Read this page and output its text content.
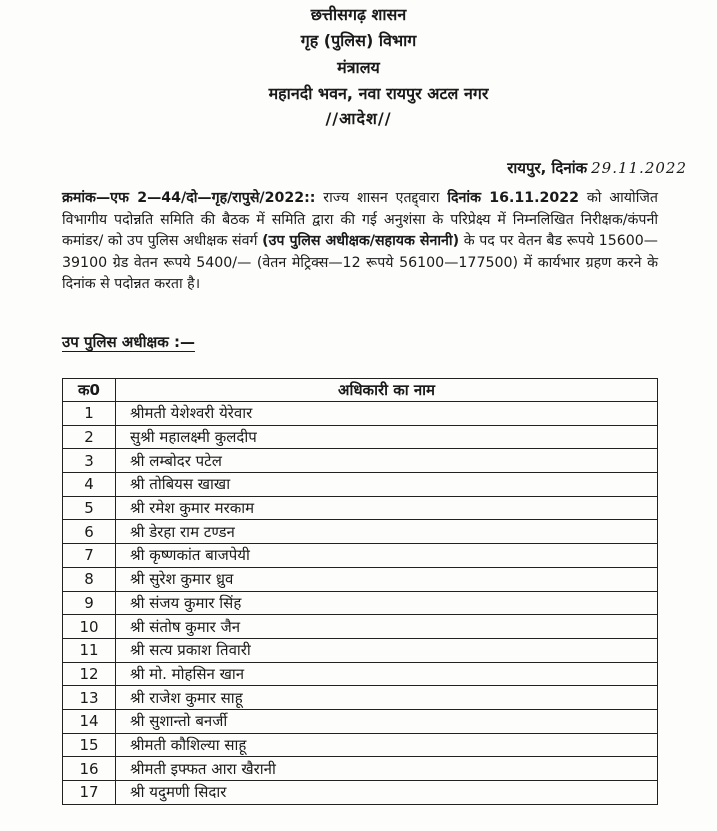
छत्तीसगढ़ शासन
गृह (पुलिस) विभाग
मंत्रालय
महानदी भवन, नवा रायपुर अटल नगर
//आदेश//
रायपुर, दिनांक 29.11.2022
क्रमांक—एफ 2—44/दो—गृह/रापुसे/2022:: राज्य शासन एतद्द्वारा दिनांक 16.11.2022 को आयोजित विभागीय पदोन्नति समिति की बैठक में समिति द्वारा की गई अनुशंसा के परिप्रेक्ष्य में निम्नलिखित निरीक्षक/कंपनी कमांडर/ को उप पुलिस अधीक्षक संवर्ग (उप पुलिस अधीक्षक/सहायक सेनानी) के पद पर वेतन बैड रूपये 15600—39100 ग्रेड वेतन रूपये 5400/— (वेतन मेट्रिक्स—12 रूपये 56100—177500) में कार्यभार ग्रहण करने के दिनांक से पदोन्नत करता है।
उप पुलिस अधीक्षक :—
क0	अधिकारी का नाम
1	श्रीमती येशेश्वरी येरेवार
2	सुश्री महालक्ष्मी कुलदीप
3	श्री लम्बोदर पटेल
4	श्री तोबियस खाखा
5	श्री रमेश कुमार मरकाम
6	श्री डेरहा राम टण्डन
7	श्री कृष्णकांत बाजपेयी
8	श्री सुरेश कुमार ध्रुव
9	श्री संजय कुमार सिंह
10	श्री संतोष कुमार जैन
11	श्री सत्य प्रकाश तिवारी
12	श्री मो. मोहसिन खान
13	श्री राजेश कुमार साहू
14	श्री सुशान्तो बनर्जी
15	श्रीमती कौशिल्या साहू
16	श्रीमती इफ्फत आरा खैरानी
17	श्री यदुमणी सिदार
